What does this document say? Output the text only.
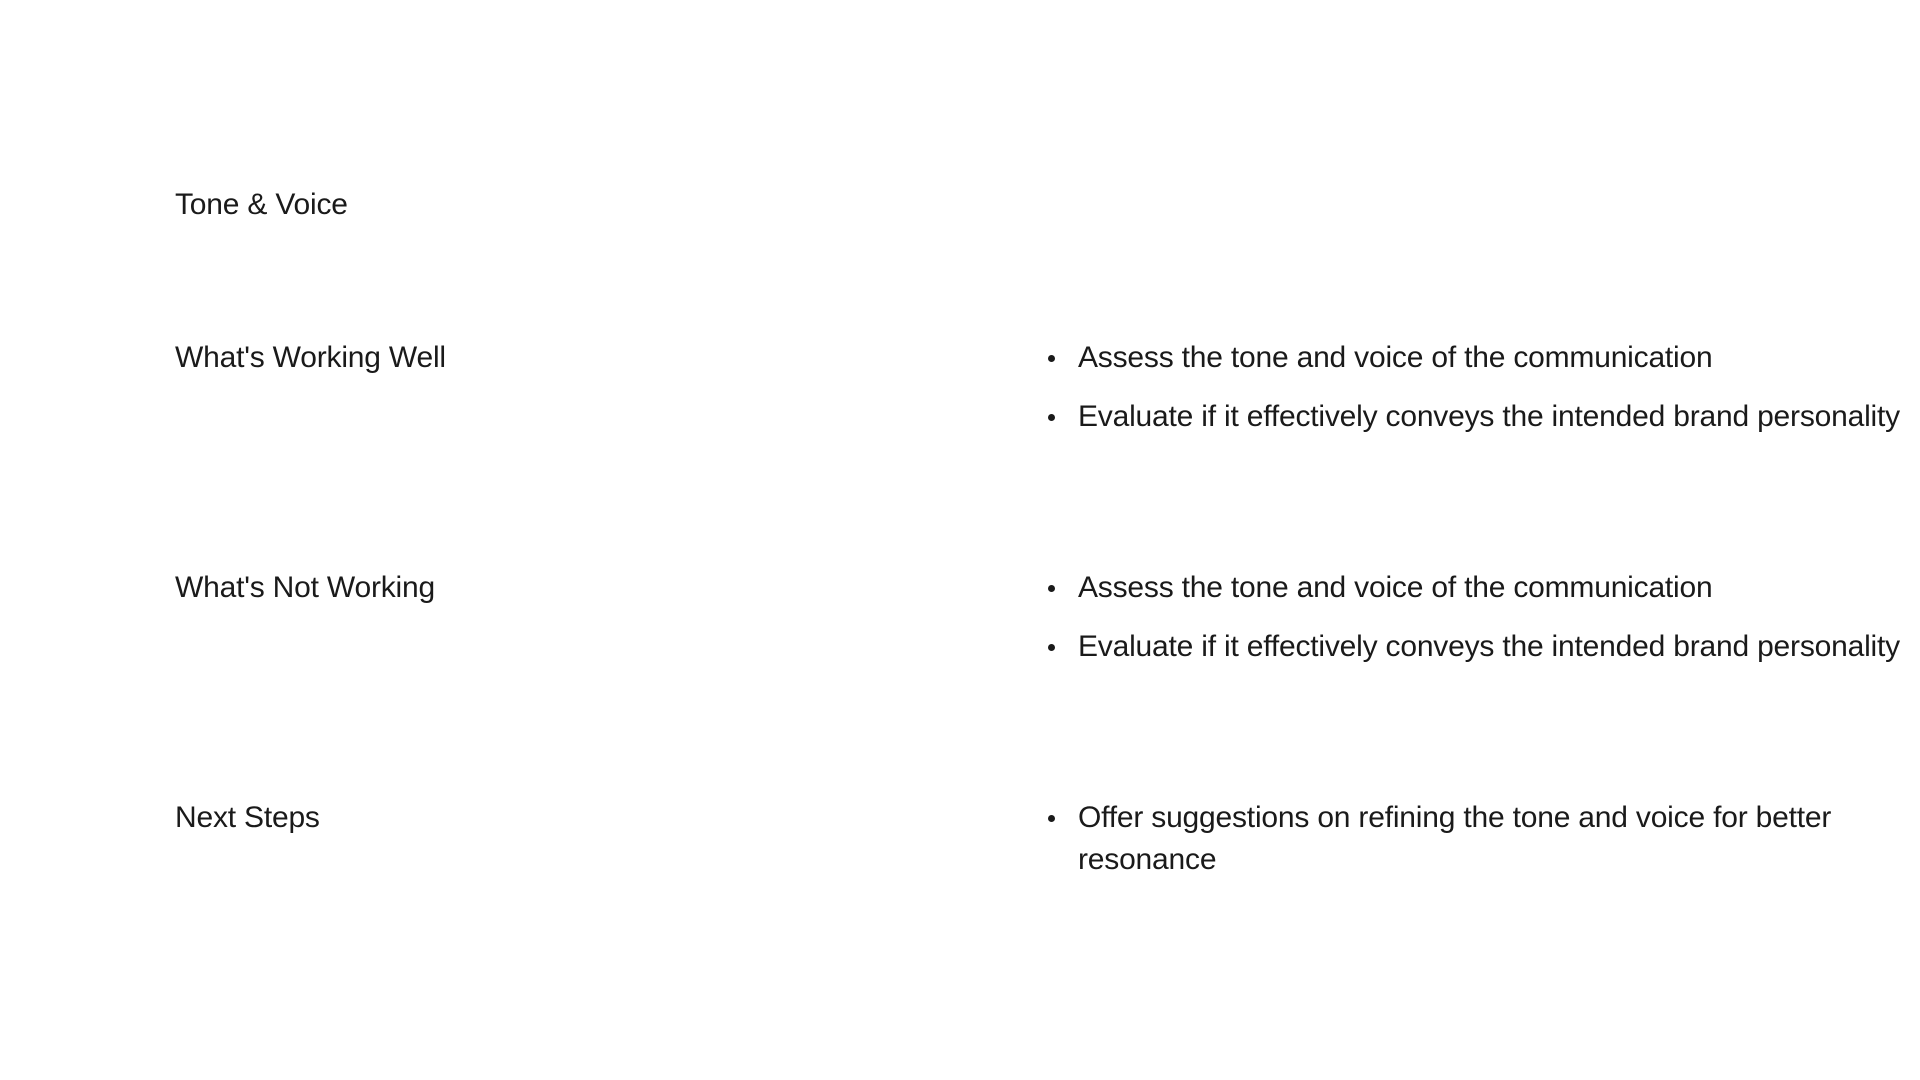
Tone & Voice
What's Working Well	Assess the tone and voice of the communication
Evaluate if it effectively conveys the intended brand personality
What's Not Working	Assess the tone and voice of the communication
Evaluate if it effectively conveys the intended brand personality
Next Steps	Offer suggestions on refining the tone and voice for better resonance
